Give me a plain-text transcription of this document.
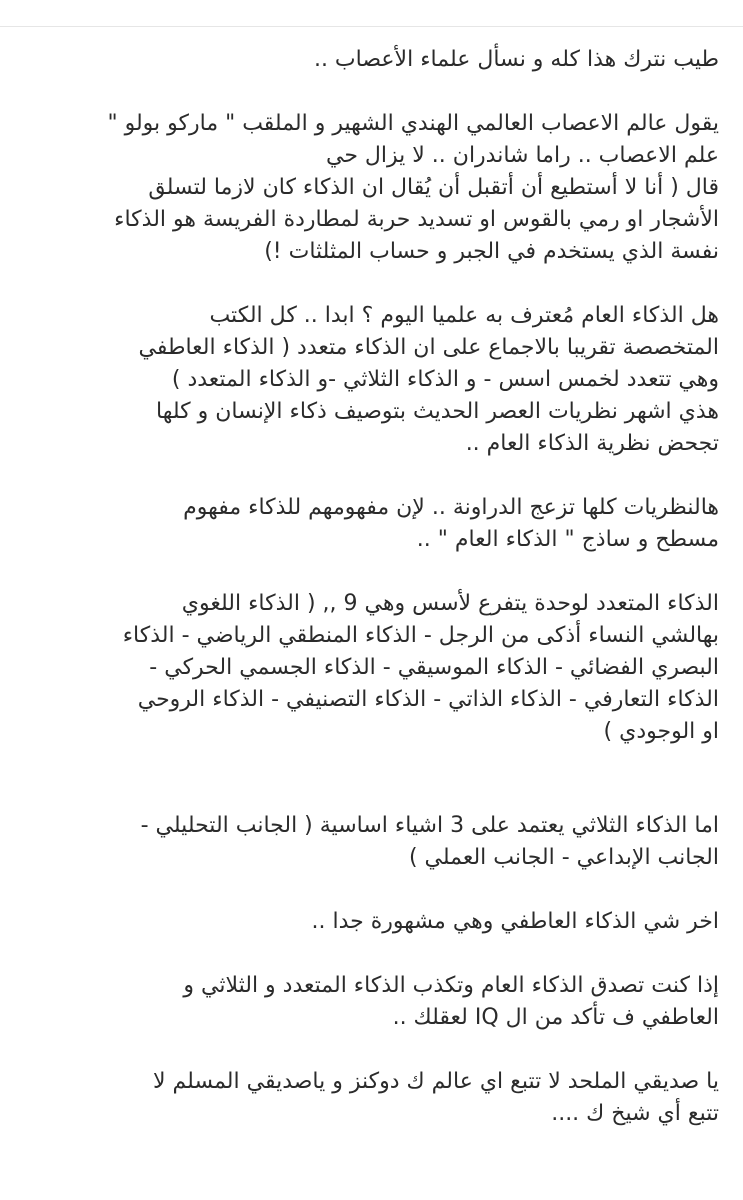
طيب نترك هذا كله و نسأل علماء الأعصاب ..

يقول عالم الاعصاب العالمي الهندي الشهير و الملقب " ماركو بولو "
علم الاعصاب .. راما شاندران .. لا يزال حي
قال ( أنا لا أستطيع أن أتقبل أن يُقال ان الذكاء كان لازما لتسلق
الأشجار او رمي بالقوس او تسديد حربة لمطاردة الفريسة هو الذكاء
نفسة الذي يستخدم في الجبر و حساب المثلثات !)

هل الذكاء العام مُعترف به علميا اليوم ؟ ابدا .. كل الكتب
المتخصصة تقريبا بالاجماع على ان الذكاء متعدد ( الذكاء العاطفي
وهي تتعدد لخمس اسس - و الذكاء الثلاثي -و الذكاء المتعدد )
هذي اشهر نظريات العصر الحديث بتوصيف ذكاء الإنسان و كلها
تجحض نظرية الذكاء العام ..

هالنظريات كلها تزعج الدراونة .. لإن مفهومهم للذكاء مفهوم
مسطح و ساذج " الذكاء العام " ..

الذكاء المتعدد لوحدة يتفرع لأسس وهي 9 ,, ( الذكاء اللغوي
بهالشي النساء أذكى من الرجل - الذكاء المنطقي الرياضي - الذكاء
البصري الفضائي - الذكاء الموسيقي - الذكاء الجسمي الحركي -
الذكاء التعارفي - الذكاء الذاتي - الذكاء التصنيفي - الذكاء الروحي
او الوجودي )

اما الذكاء الثلاثي يعتمد على 3 اشياء اساسية ( الجانب التحليلي -
الجانب الإبداعي - الجانب العملي )

اخر شي الذكاء العاطفي وهي مشهورة جدا ..

إذا كنت تصدق الذكاء العام وتكذب الذكاء المتعدد و الثلاثي و
العاطفي ف تأكد من ال IQ لعقلك ..

يا صديقي الملحد لا تتبع اي عالم ك دوكنز و ياصديقي المسلم لا
تتبع أي شيخ ك ....
